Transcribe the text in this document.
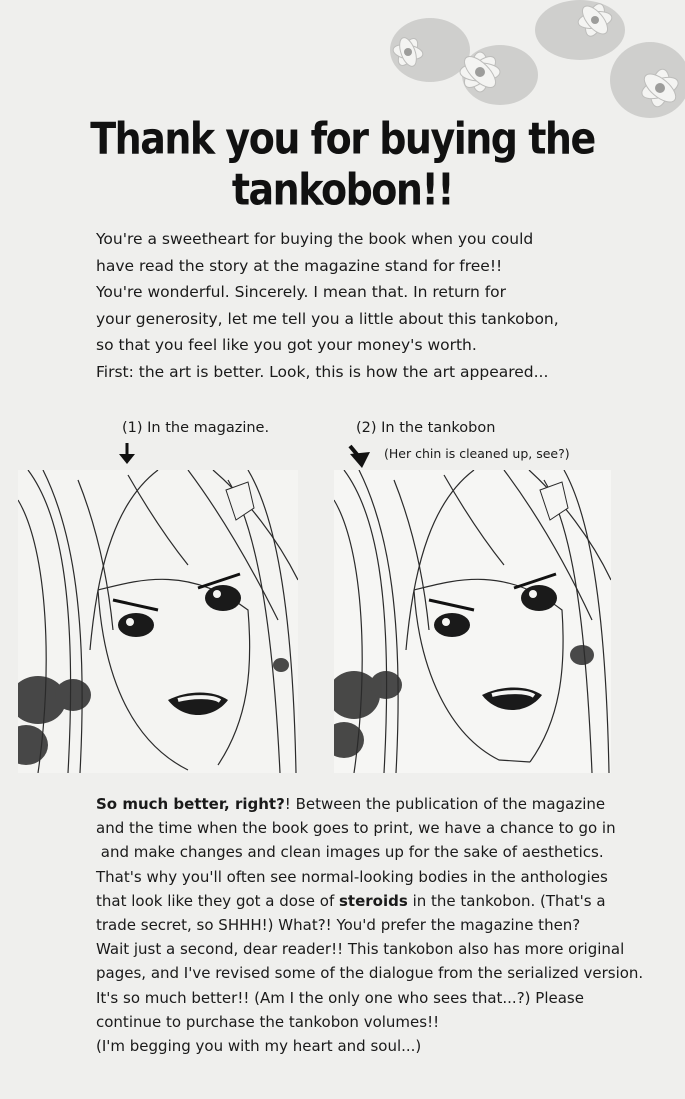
Thank you for buying the tankobon!!
You're a sweetheart for buying the book when you could
have read the story at the magazine stand for free!!
You're wonderful. Sincerely. I mean that. In return for
your generosity, let me tell you a little about this tankobon,
so that you feel like you got your money's worth.
First: the art is better. Look, this is how the art appeared...
(1) In the magazine.	(2) In the tankobon
(Her chin is cleaned up, see?)
So much better, right?! Between the publication of the magazine
and the time when the book goes to print, we have a chance to go in
and make changes and clean images up for the sake of aesthetics.
That's why you'll often see normal-looking bodies in the anthologies
that look like they got a dose of steroids in the tankobon. (That's a
trade secret, so SHHH!) What?! You'd prefer the magazine then?
Wait just a second, dear reader!! This tankobon also has more original
pages, and I've revised some of the dialogue from the serialized version.
It's so much better!! (Am I the only one who sees that...?) Please
continue to purchase the tankobon volumes!!
(I'm begging you with my heart and soul...)
